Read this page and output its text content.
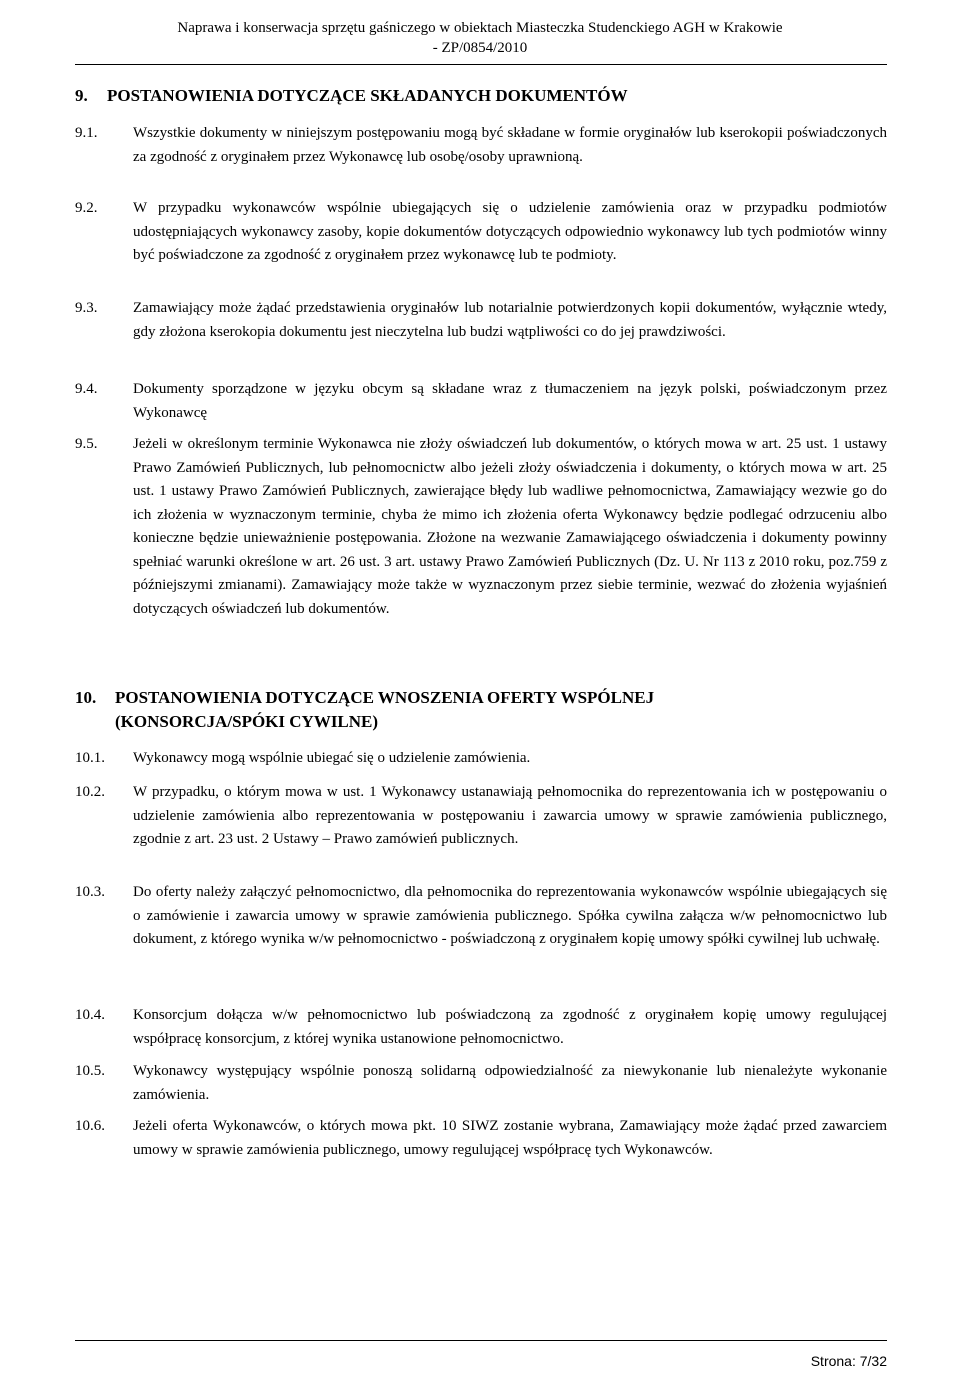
Naprawa i konserwacja sprzętu gaśniczego w obiektach Miasteczka Studenckiego AGH w Krakowie
- ZP/0854/2010
9. POSTANOWIENIA DOTYCZĄCE SKŁADANYCH DOKUMENTÓW
9.1. Wszystkie dokumenty w niniejszym postępowaniu mogą być składane w formie oryginałów lub kserokopii poświadczonych za zgodność z oryginałem przez Wykonawcę lub osobę/osoby uprawnioną.
9.2. W przypadku wykonawców wspólnie ubiegających się o udzielenie zamówienia oraz w przypadku podmiotów udostępniających wykonawcy zasoby, kopie dokumentów dotyczących odpowiednio wykonawcy lub tych podmiotów winny być poświadczone za zgodność z oryginałem przez wykonawcę lub te podmioty.
9.3. Zamawiający może żądać przedstawienia oryginałów lub notarialnie potwierdzonych kopii dokumentów, wyłącznie wtedy, gdy złożona kserokopia dokumentu jest nieczytelna lub budzi wątpliwości co do jej prawdziwości.
9.4. Dokumenty sporządzone w języku obcym są składane wraz z tłumaczeniem na język polski, poświadczonym przez Wykonawcę
9.5. Jeżeli w określonym terminie Wykonawca nie złoży oświadczeń lub dokumentów, o których mowa w art. 25 ust. 1 ustawy Prawo Zamówień Publicznych, lub pełnomocnictw albo jeżeli złoży oświadczenia i dokumenty, o których mowa w art. 25 ust. 1 ustawy Prawo Zamówień Publicznych, zawierające błędy lub wadliwe pełnomocnictwa, Zamawiający wezwie go do ich złożenia w wyznaczonym terminie, chyba że mimo ich złożenia oferta Wykonawcy będzie podlegać odrzuceniu albo konieczne będzie unieważnienie postępowania. Złożone na wezwanie Zamawiającego oświadczenia i dokumenty powinny spełniać warunki określone w art. 26 ust. 3 art. ustawy Prawo Zamówień Publicznych (Dz. U. Nr 113 z 2010 roku, poz.759 z późniejszymi zmianami). Zamawiający może także w wyznaczonym przez siebie terminie, wezwać do złożenia wyjaśnień dotyczących oświadczeń lub dokumentów.
10. POSTANOWIENIA DOTYCZĄCE WNOSZENIA OFERTY WSPÓLNEJ
(KONSORCJA/SPÓKI CYWILNE)
10.1. Wykonawcy mogą wspólnie ubiegać się o udzielenie zamówienia.
10.2. W przypadku, o którym mowa w ust. 1 Wykonawcy ustanawiają pełnomocnika do reprezentowania ich w postępowaniu o udzielenie zamówienia albo reprezentowania w postępowaniu i zawarcia umowy w sprawie zamówienia publicznego, zgodnie z art. 23 ust. 2 Ustawy – Prawo zamówień publicznych.
10.3. Do oferty należy załączyć pełnomocnictwo, dla pełnomocnika do reprezentowania wykonawców wspólnie ubiegających się o zamówienie i zawarcia umowy w sprawie zamówienia publicznego. Spółka cywilna załącza w/w pełnomocnictwo lub dokument, z którego wynika w/w pełnomocnictwo - poświadczoną z oryginałem kopię umowy spółki cywilnej lub uchwałę.
10.4. Konsorcjum dołącza w/w pełnomocnictwo lub poświadczoną za zgodność z oryginałem kopię umowy regulującej współpracę konsorcjum, z której wynika ustanowione pełnomocnictwo.
10.5. Wykonawcy występujący wspólnie ponoszą solidarną odpowiedzialność za niewykonanie lub nienależyte wykonanie zamówienia.
10.6. Jeżeli oferta Wykonawców, o których mowa pkt. 10 SIWZ zostanie wybrana, Zamawiający może żądać przed zawarciem umowy w sprawie zamówienia publicznego, umowy regulującej współpracę tych Wykonawców.
Strona: 7/32
